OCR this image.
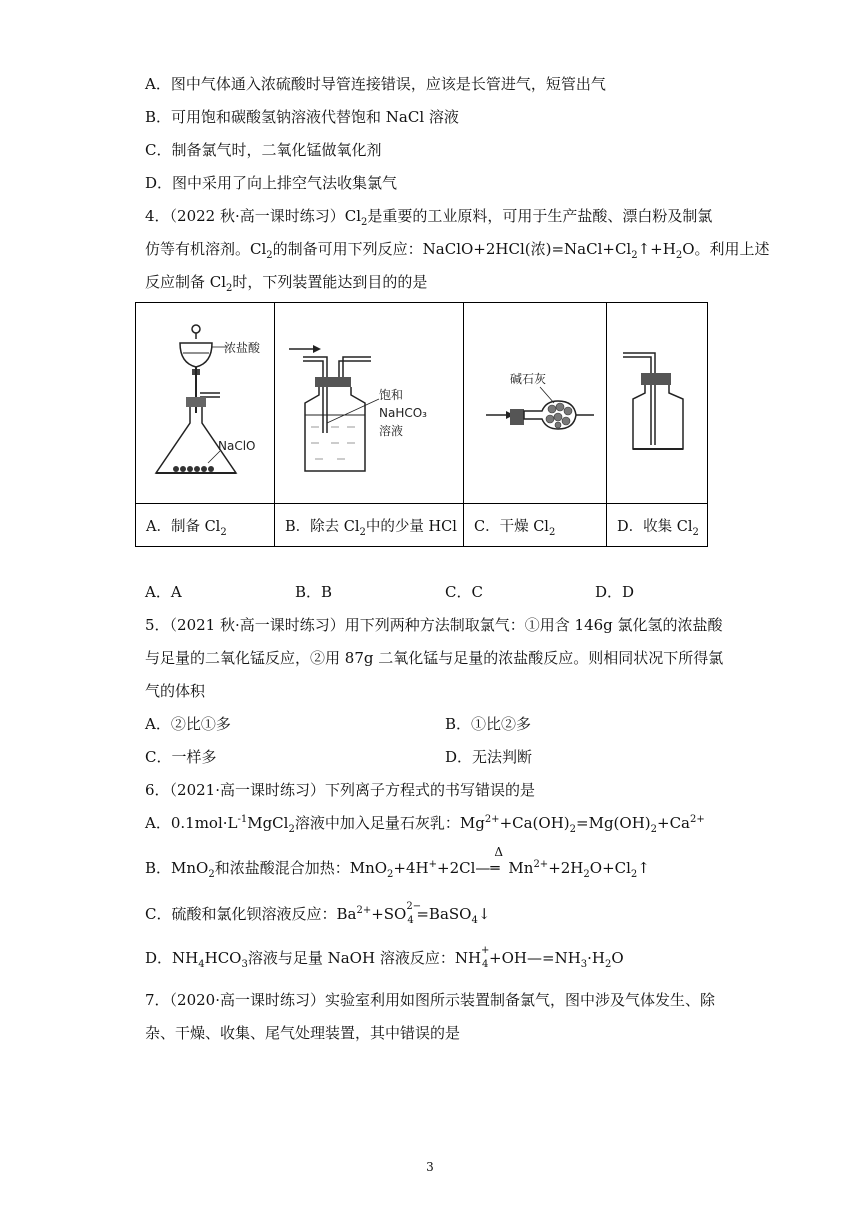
A．图中气体通入浓硫酸时导管连接错误，应该是长管进气，短管出气
B．可用饱和碳酸氢钠溶液代替饱和 NaCl 溶液
C．制备氯气时，二氧化锰做氧化剂
D．图中采用了向上排空气法收集氯气
4．（2022 秋·高一课时练习）$Cl_2$是重要的工业原料，可用于生产盐酸、漂白粉及制氯
仿等有机溶剂。$Cl_2$的制备可用下列反应：NaClO+2HCl(浓)$=NaCl+Cl_2↑+H_2O$。利用上述
反应制备 $Cl_2$时，下列装置能达到目的的是
浓盐酸
NaClO	饱和
NaHCO₃
溶液	碱石灰

A．制备 $Cl_2$	B．除去 $Cl_2$中的少量 HCl	C．干燥 $Cl_2$	D．收集 $Cl_2$
A．A	B．B	C．C	D．D
5．（2021 秋·高一课时练习）用下列两种方法制取氯气：①用含 146g 氯化氢的浓盐酸
与足量的二氧化锰反应，②用 87g 二氧化锰与足量的浓盐酸反应。则相同状况下所得氯
气的体积
A．②比①多	B．①比②多
C．一样多	D．无法判断
6．（2021·高一课时练习）下列离子方程式的书写错误的是
A．$0.1mol\cdot L^{-1}MgCl_2$溶液中加入足量石灰乳：$Mg^{2+}+Ca(OH)_2=Mg(OH)_2+Ca^{2+}$
B．MnO$_2$和浓盐酸混合加热：MnO$_2$+4H++2Cl—
Δ
═ $Mn^{2+}+2H_2O+Cl_2↑$
C．硫酸和氯化钡溶液反应：$Ba^{2+}+SO$ 2−
4 =BaSO$_4$↓
D．$NH_4HCO_3$溶液与足量 NaOH 溶液反应：NH +
$4 +OH—=NH_3\cdot H_2O$
7．（2020·高一课时练习）实验室利用如图所示装置制备氯气，图中涉及气体发生、除
杂、干燥、收集、尾气处理装置，其中错误的是
3
